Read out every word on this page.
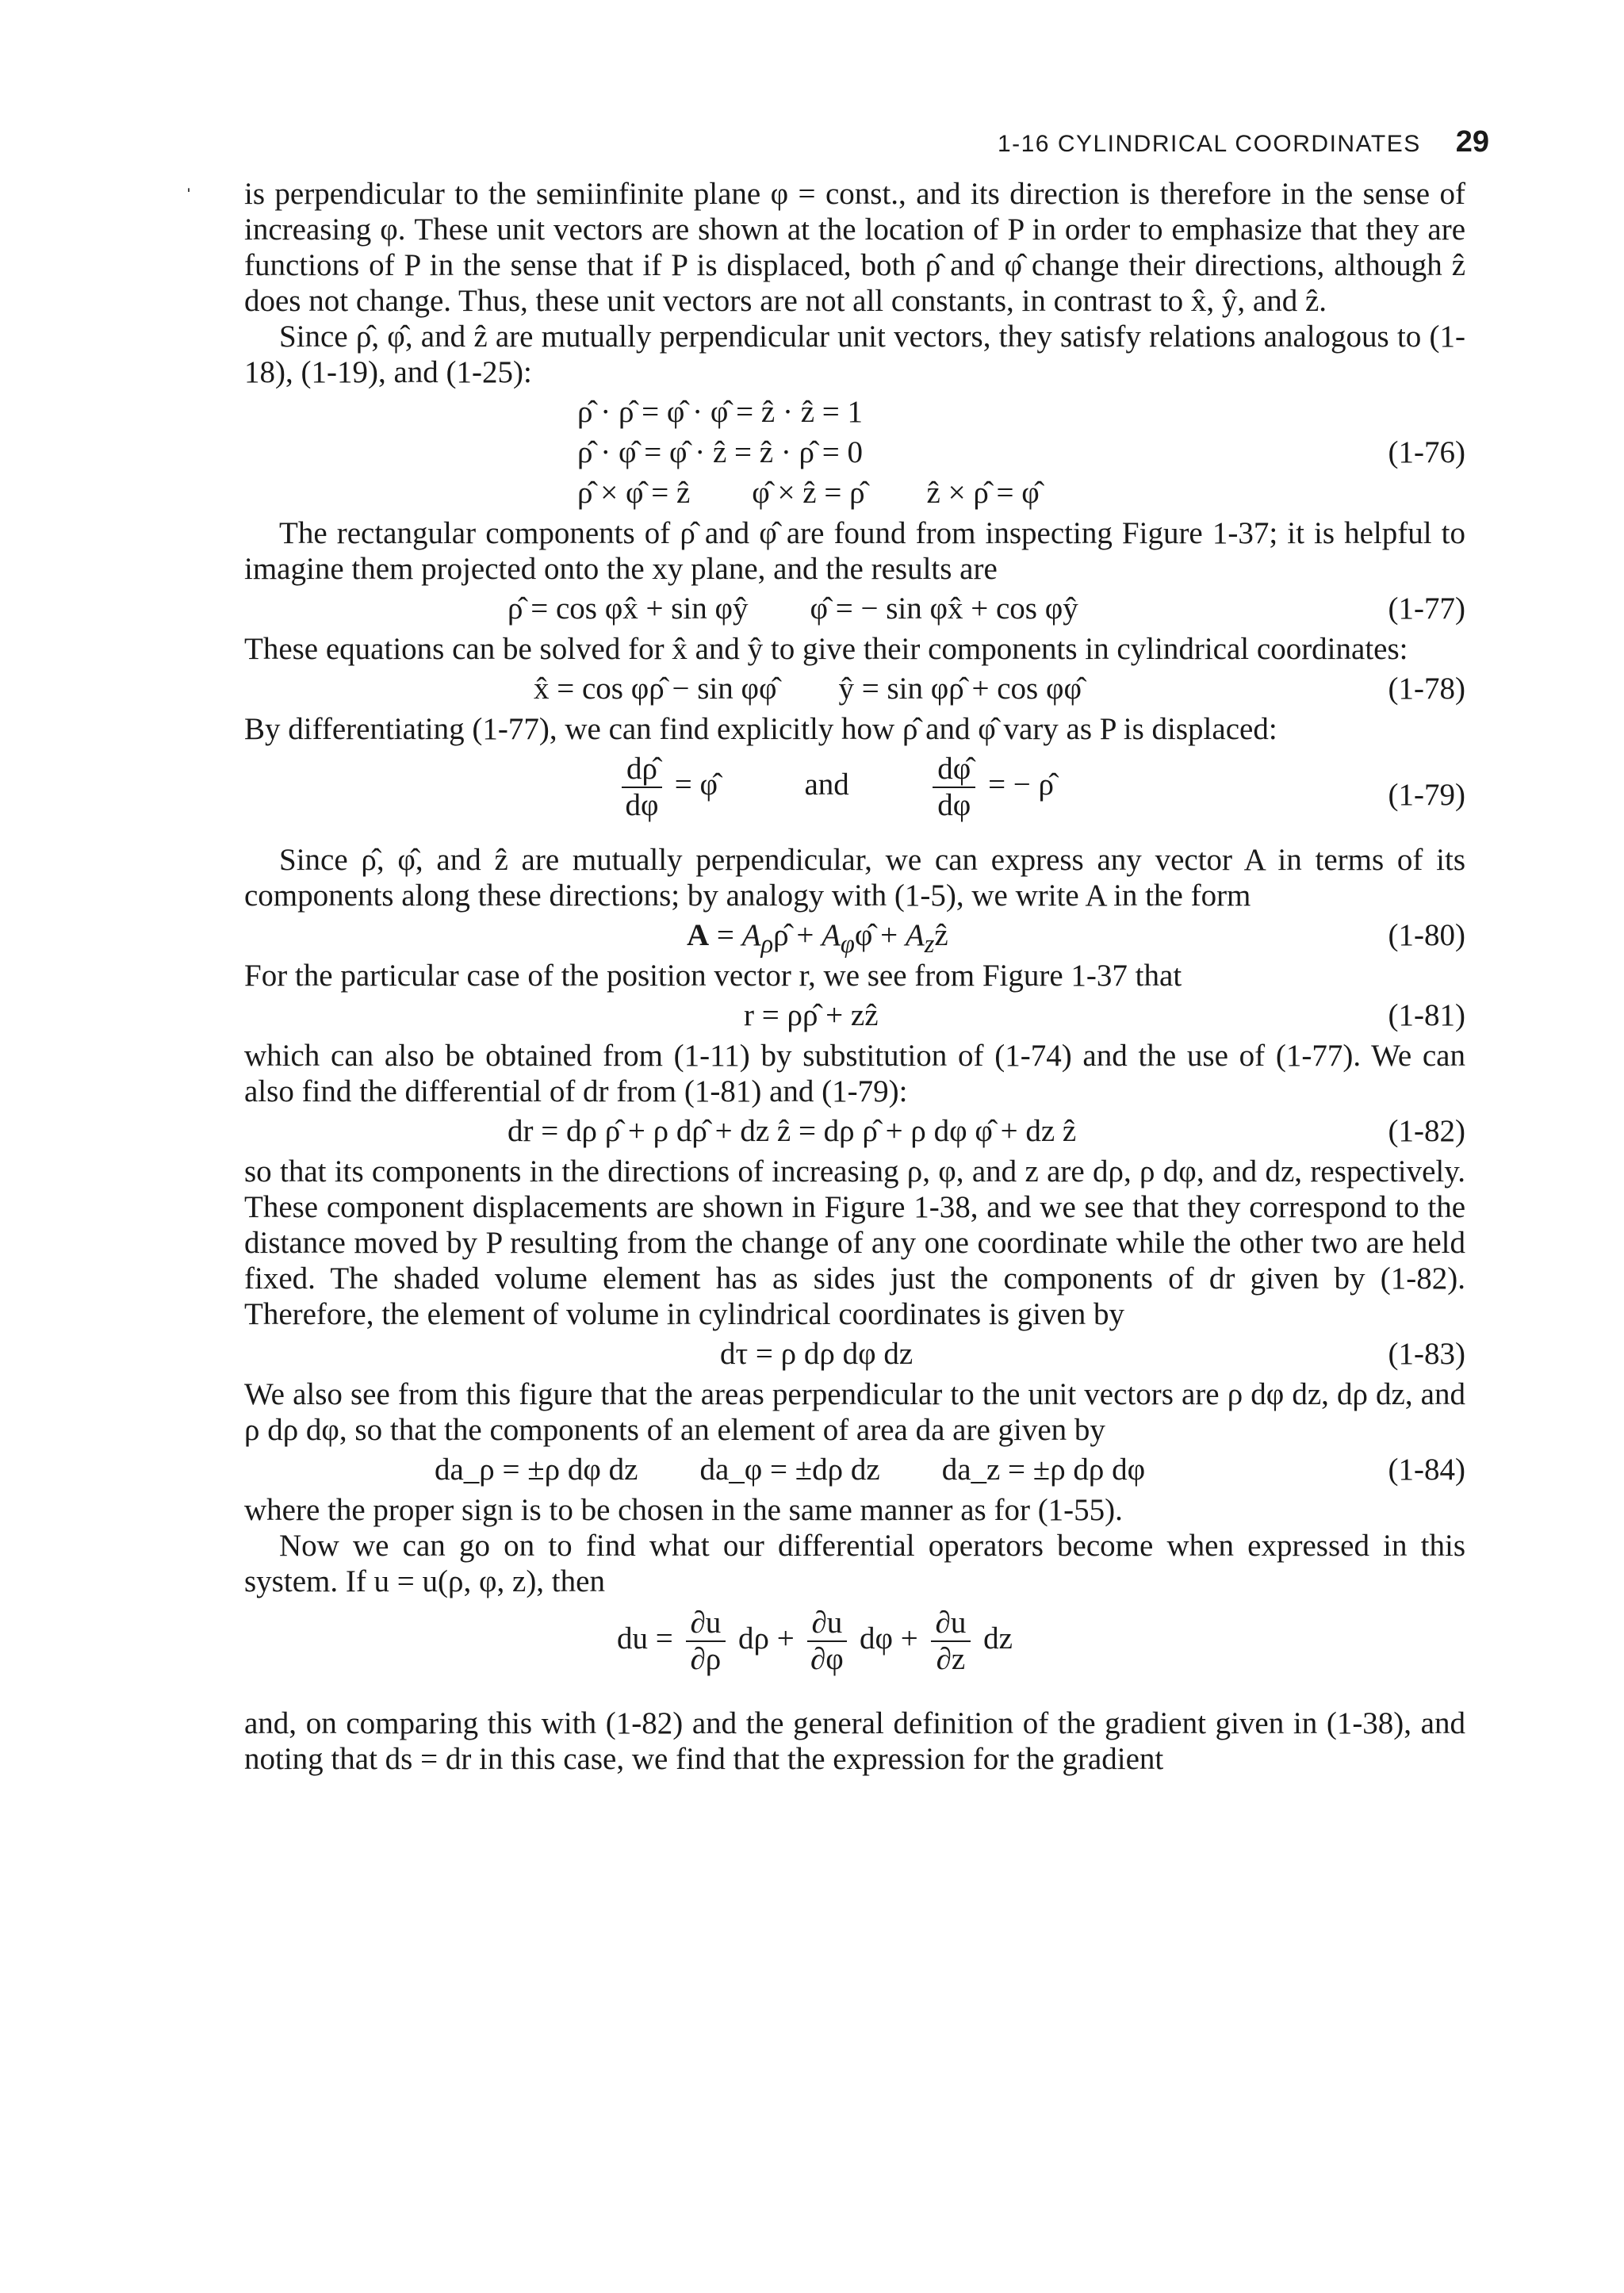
ˈ
1-16 CYLINDRICAL COORDINATES 29

is perpendicular to the semiinfinite plane φ = const., and its direction is therefore in the sense of increasing φ. These unit vectors are shown at the location of P in order to emphasize that they are functions of P in the sense that if P is displaced, both ρ̂ and φ̂ change their directions, although ẑ does not change. Thus, these unit vectors are not all constants, in contrast to x̂, ŷ, and ẑ.

Since ρ̂, φ̂, and ẑ are mutually perpendicular unit vectors, they satisfy relations analogous to (1-18), (1-19), and (1-25):

ρ̂ · ρ̂ = φ̂ · φ̂ = ẑ · ẑ = 1
ρ̂ · φ̂ = φ̂ · ẑ = ẑ · ρ̂ = 0	(1-76)
ρ̂ × φ̂ = ẑ        φ̂ × ẑ = ρ̂        ẑ × ρ̂ = φ̂

The rectangular components of ρ̂ and φ̂ are found from inspecting Figure 1-37; it is helpful to imagine them projected onto the xy plane, and the results are

ρ̂ = cos φx̂ + sin φŷ        φ̂ = − sin φx̂ + cos φŷ	(1-77)

These equations can be solved for x̂ and ŷ to give their components in cylindrical coordinates:

x̂ = cos φρ̂ − sin φφ̂        ŷ = sin φρ̂ + cos φφ̂	(1-78)

By differentiating (1-77), we can find explicitly how ρ̂ and φ̂ vary as P is displaced:

$\frac{d\rhô}{d\varphi}$ = φ̂	and	$\frac{d\varphî}{d\varphi}$ = − ρ̂	(1-79)

Since ρ̂, φ̂, and ẑ are mutually perpendicular, we can express any vector A in terms of its components along these directions; by analogy with (1-5), we write A in the form

$A = A_\rho\rhô$ + $A_\varphi\varphî$ + $A_zẑ$	(1-80)

For the particular case of the position vector r, we see from Figure 1-37 that

r = ρρ̂ + zẑ	(1-81)

which can also be obtained from (1-11) by substitution of (1-74) and the use of (1-77). We can also find the differential of dr from (1-81) and (1-79):

dr = dρ ρ̂ + ρ dρ̂ + dz ẑ = dρ ρ̂ + ρ dφ φ̂ + dz ẑ	(1-82)

so that its components in the directions of increasing ρ, φ, and z are dρ, ρ dφ, and dz, respectively. These component displacements are shown in Figure 1-38, and we see that they correspond to the distance moved by P resulting from the change of any one coordinate while the other two are held fixed. The shaded volume element has as sides just the components of dr given by (1-82). Therefore, the element of volume in cylindrical coordinates is given by

dτ = ρ dρ dφ dz	(1-83)

We also see from this figure that the areas perpendicular to the unit vectors are ρ dφ dz, dρ dz, and ρ dρ dφ, so that the components of an element of area da are given by

da_ρ = ±ρ dφ dz        da_φ = ±dρ dz        da_z = ±ρ dρ dφ	(1-84)

where the proper sign is to be chosen in the same manner as for (1-55).

Now we can go on to find what our differential operators become when expressed in this system. If u = u(ρ, φ, z), then

du = $\frac{\partial u}{\partial\rho}$ $d\rho + \frac{\partial u}{\partial\varphi}$ $d\varphi + \frac{\partial u}{\partial z}$ dz

and, on comparing this with (1-82) and the general definition of the gradient given in (1-38), and noting that ds = dr in this case, we find that the expression for the gradient
